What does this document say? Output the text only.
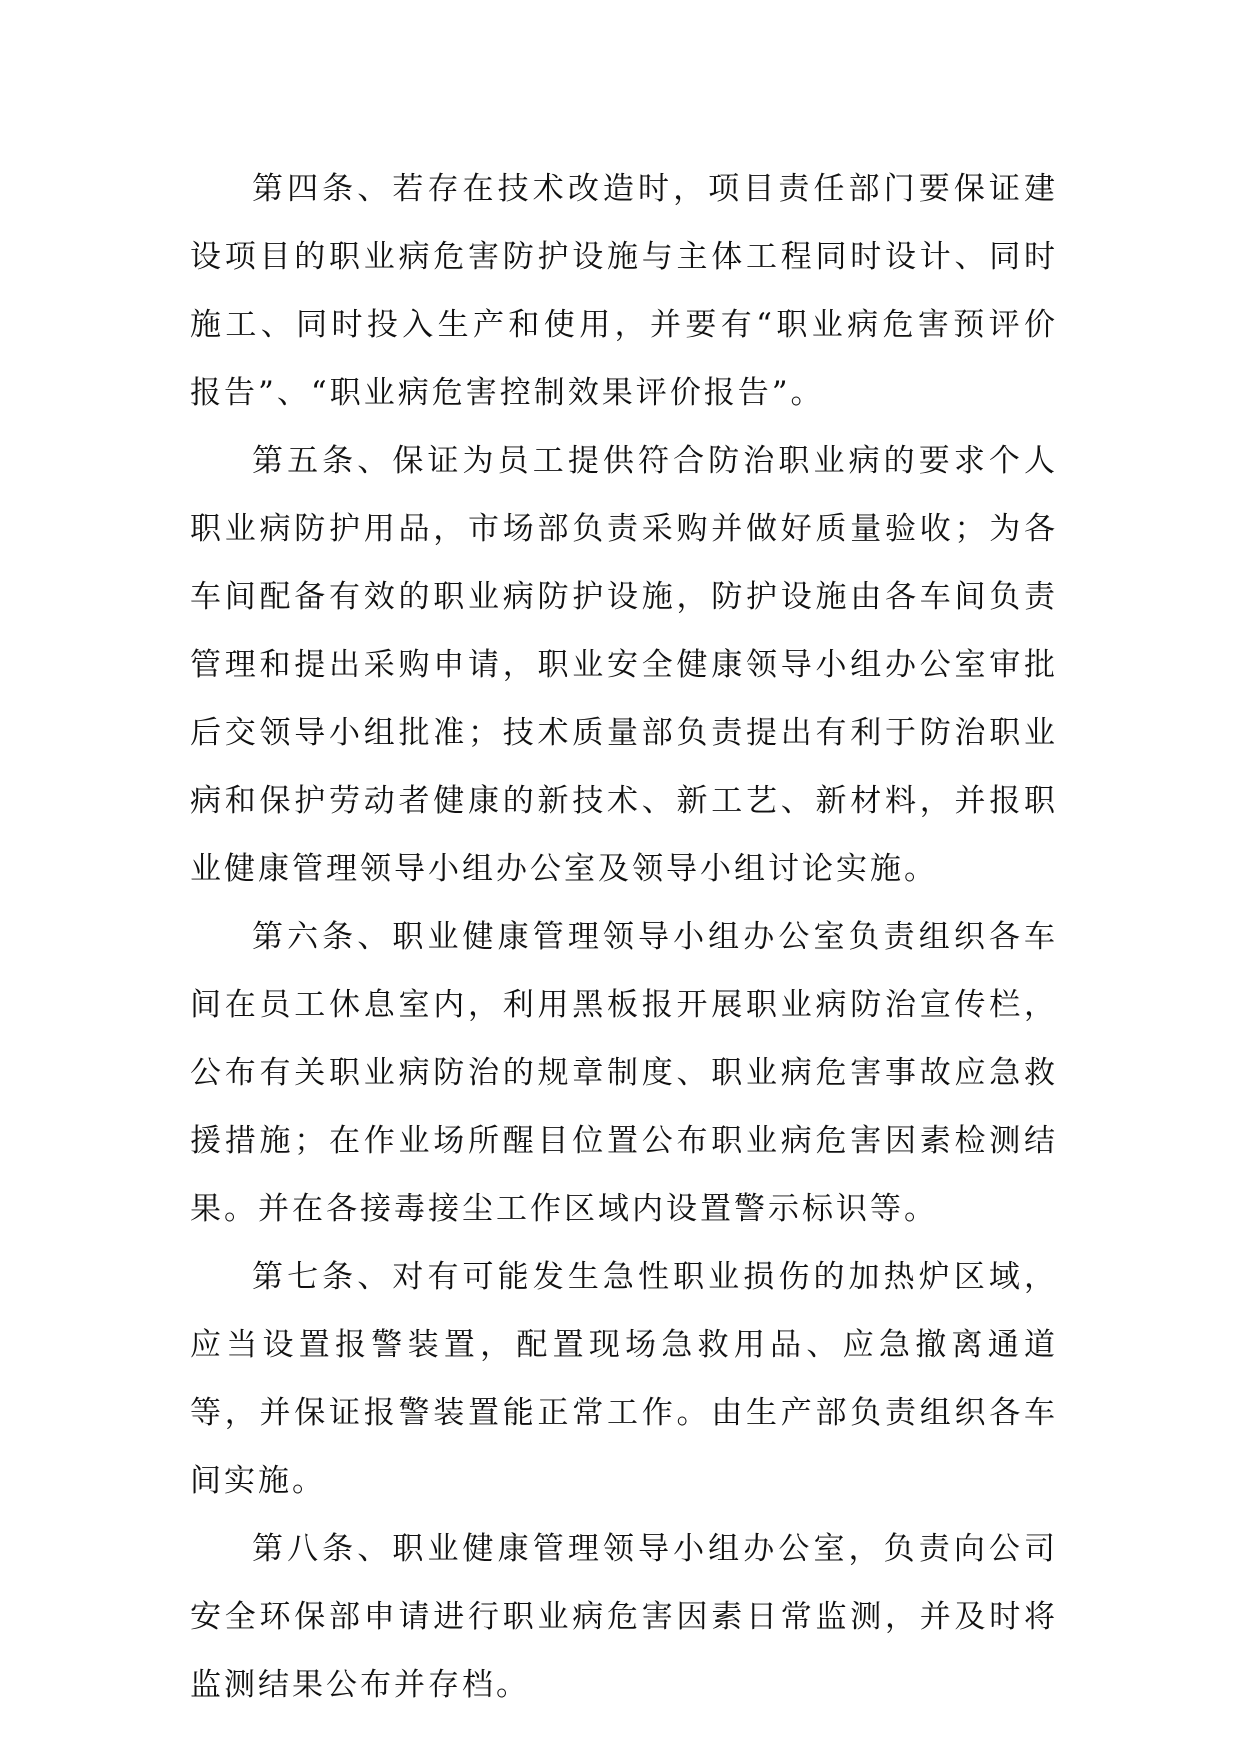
第四条、若存在技术改造时，项目责任部门要保证建设项目的职业病危害防护设施与主体工程同时设计、同时施工、同时投入生产和使用，并要有“职业病危害预评价报告”、“职业病危害控制效果评价报告”。

第五条、保证为员工提供符合防治职业病的要求个人职业病防护用品，市场部负责采购并做好质量验收；为各车间配备有效的职业病防护设施，防护设施由各车间负责管理和提出采购申请，职业安全健康领导小组办公室审批后交领导小组批准；技术质量部负责提出有利于防治职业病和保护劳动者健康的新技术、新工艺、新材料，并报职业健康管理领导小组办公室及领导小组讨论实施。

第六条、职业健康管理领导小组办公室负责组织各车间在员工休息室内，利用黑板报开展职业病防治宣传栏，公布有关职业病防治的规章制度、职业病危害事故应急救援措施；在作业场所醒目位置公布职业病危害因素检测结果。并在各接毒接尘工作区域内设置警示标识等。

第七条、对有可能发生急性职业损伤的加热炉区域，应当设置报警装置，配置现场急救用品、应急撤离通道等，并保证报警装置能正常工作。由生产部负责组织各车间实施。

第八条、职业健康管理领导小组办公室，负责向公司安全环保部申请进行职业病危害因素日常监测，并及时将监测结果公布并存档。
